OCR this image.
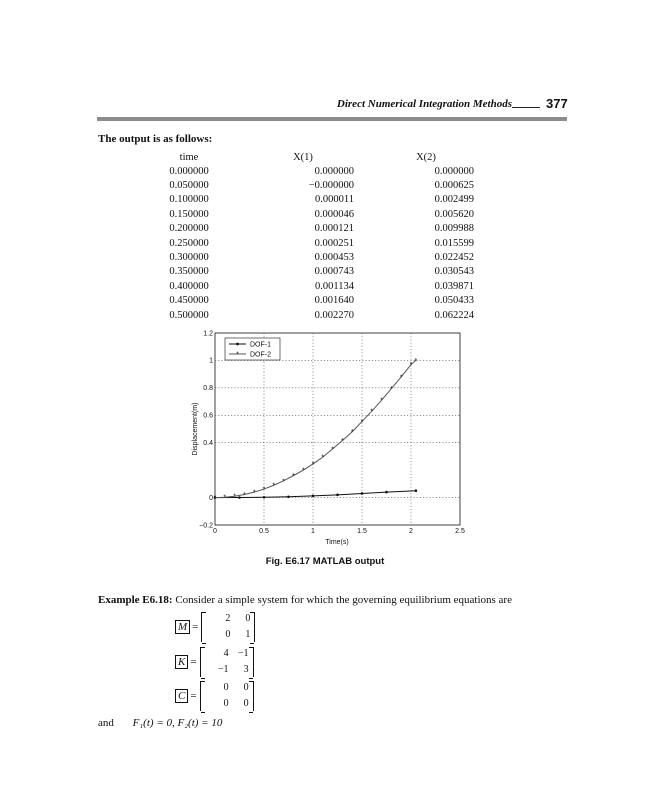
Direct Numerical Integration Methods	377
The output is as follows:
time	X(1)	X(2)
0.000000	0.000000	0.000000
0.050000	−0.000000	0.000625
0.100000	0.000011	0.002499
0.150000	0.000046	0.005620
0.200000	0.000121	0.009988
0.250000	0.000251	0.015599
0.300000	0.000453	0.022452
0.350000	0.000743	0.030543
0.400000	0.001134	0.039871
0.450000	0.001640	0.050433
0.500000	0.002270	0.062224
0	0.5	1	1.5	2	2.5
−0.2
0
0.4
0.6
0.8
1
1.2
* * * * * *
*
*
*
*
*
*
*
*
*
*
*
*
*
*
*
*
Time(s)
Displacement(m)
DOF-1
* DOF-2
Fig. E6.17 MATLAB output
Example E6.18: Consider a simple system for which the governing equilibrium equations are
M =
2	0
0	1
K =
4 −1
−1	3
C =
0	0
0	0
and F₁(t) = 0, F₂(t) = 10
